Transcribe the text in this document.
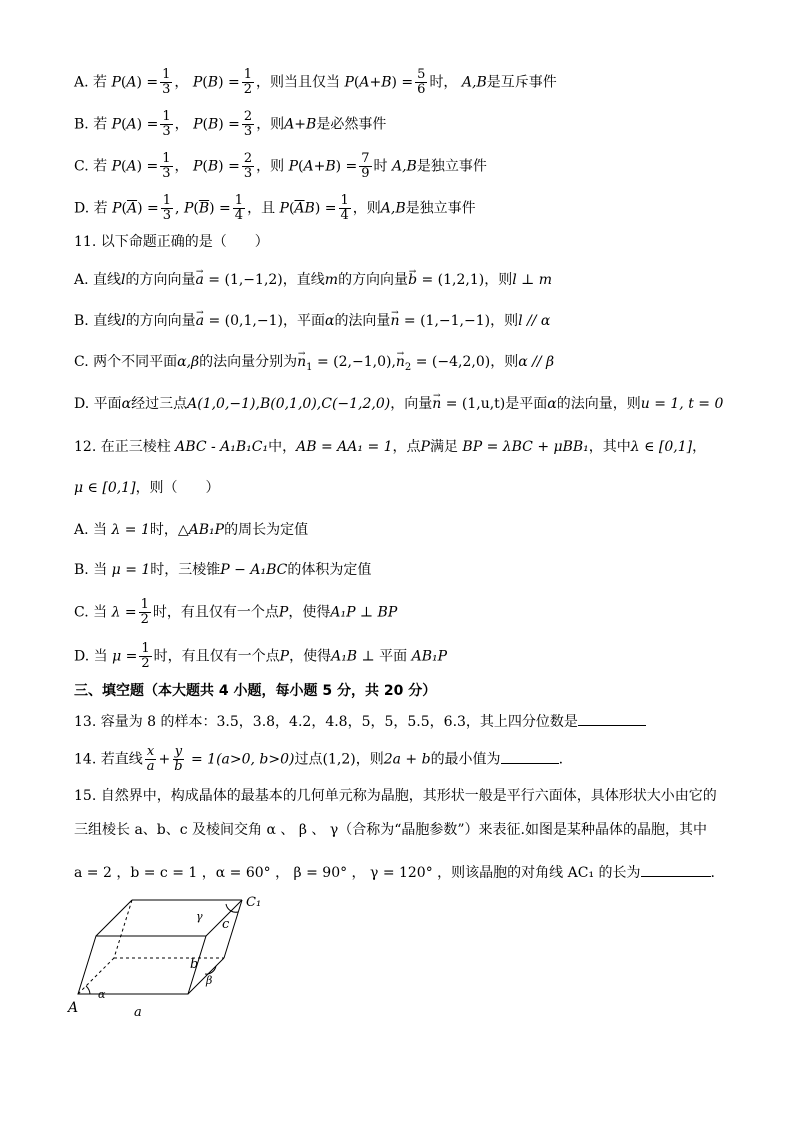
A. 若 $P(A) = \frac{1}{3}$ ， $P(B) = \frac{1}{2}$ ，则当且仅当 $P(A+B) = \frac{5}{6}$ 时， A,B是互斥事件
B. 若 $P(A) = \frac{1}{3}$ ， $P(B) = \frac{2}{3}$ ，则A+B是必然事件
C. 若 $P(A) = \frac{1}{3}$ ， $P(B) = \frac{2}{3}$ ，则 $P(A+B) = \frac{7}{9}$ 时 A,B是独立事件
D. 若 $P(\overline{A}) = \frac{1}{3}$ , $P(\overline{B}) = \frac{1}{4}$ ，且 $P(\overline{A}B) = \frac{1}{4}$ ，则A,B是独立事件
11. 以下命题正确的是（　　）
A. 直线l的方向向量→ a = (1,−1,2)，直线m的方向向量→ b = (1,2,1)，则l ⊥ m
B. 直线l的方向向量→ a = (0,1,−1)，平面α的法向量→ n = (1,−1,−1)，则l // α
C. 两个不同平面α,β的法向量分别为→ $n_1 = (2,-1,0),\to n_2 = (-4,2,0)$，则α // β
D. 平面α经过三点A(1,0,−1),B(0,1,0),C(−1,2,0)，向量→ n = (1,u,t)是平面α的法向量，则u = 1, t = 0
12. 在正三棱柱 ABC - A₁B₁C₁中，AB = AA₁ = 1，点P满足 BP = λBC + μBB₁，其中λ ∈ [0,1]，
μ ∈ [0,1]，则（　　）
A. 当 λ = 1时，△AB₁P的周长为定值
B. 当 μ = 1时，三棱锥P − A₁BC的体积为定值
C. 当 $\lambda = \frac{1}{2}$ 时，有且仅有一个点P，使得A₁P ⊥ BP
D. 当 $\mu = \frac{1}{2}$ 时，有且仅有一个点P，使得A₁B ⊥ 平面 AB₁P
三、填空题（本大题共 4 小题，每小题 5 分，共 20 分）
13. 容量为 8 的样本：3.5，3.8，4.2，4.8，5，5，5.5，6.3，其上四分位数是
14. 若直线 $\frac{x}{a} + \frac{y}{b} = 1(a>0$, b>0)过点(1,2)，则2a + b的最小值为	.
15. 自然界中，构成晶体的最基本的几何单元称为晶胞，其形状一般是平行六面体，具体形状大小由它的
三组棱长 a、b、c 及棱间交角 α 、 β 、 γ（合称为“晶胞参数”）来表征.如图是某种晶体的晶胞，其中
a = 2 ，b = c = 1 ，α = 60° ， β = 90° ， γ = 120° ，则该晶胞的对角线 AC₁ 的长为	.
A
C₁
a
b
c
α
β
γ
